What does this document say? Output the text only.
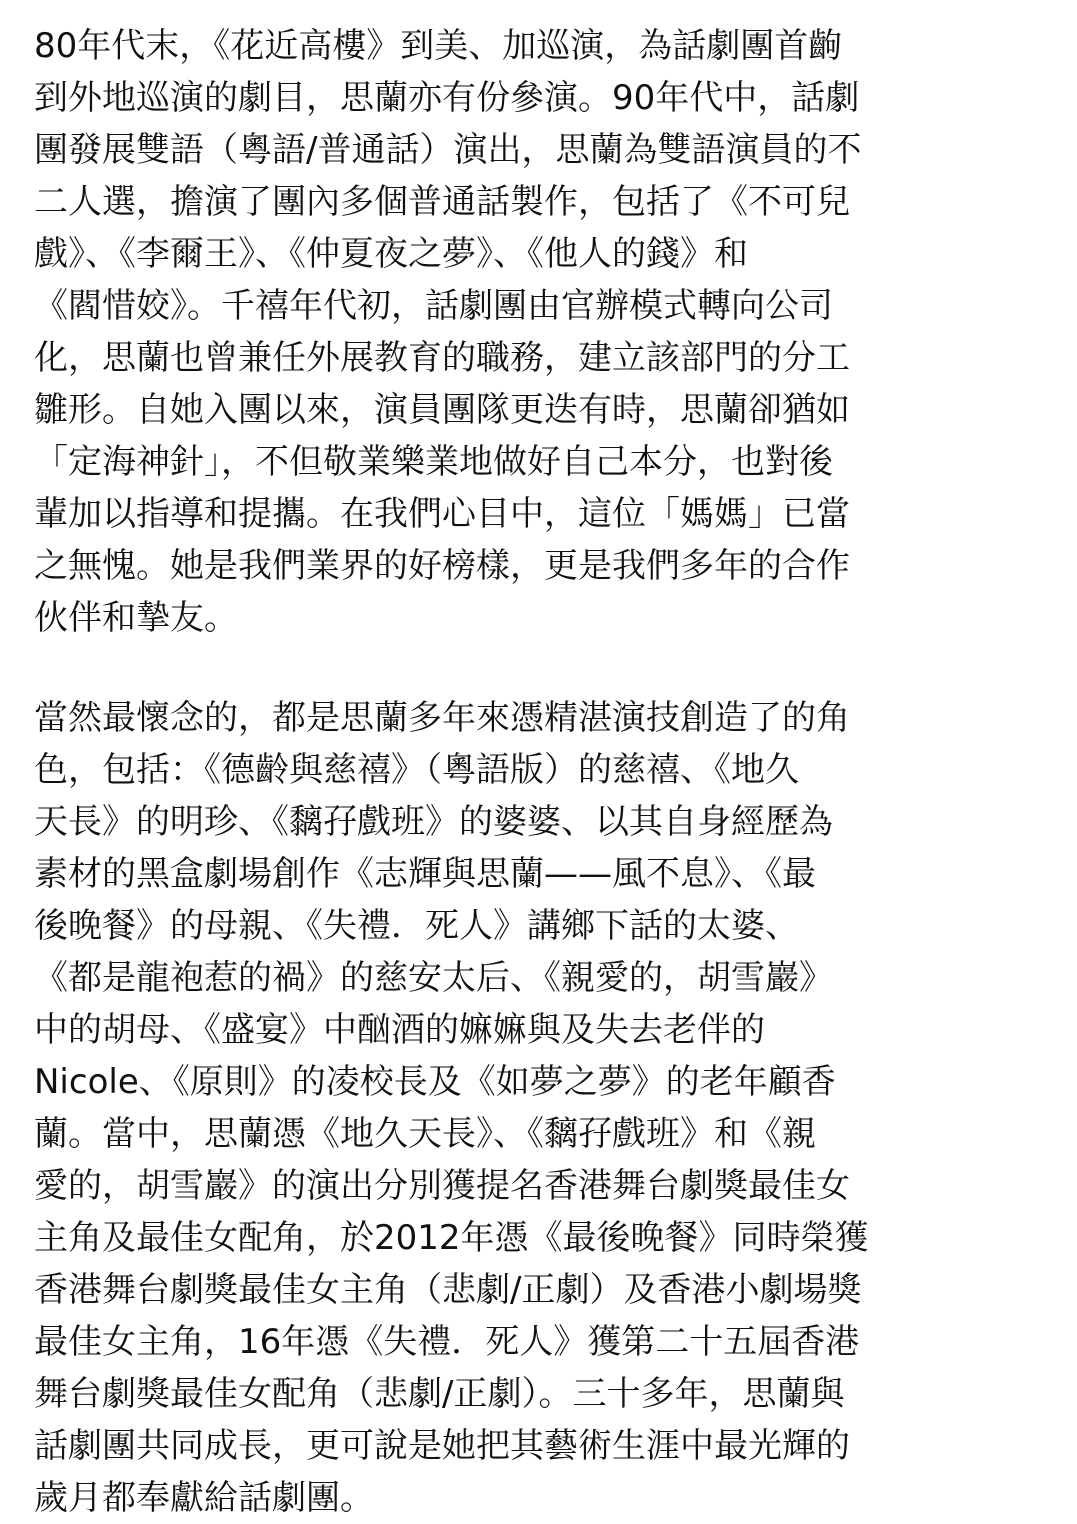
80年代末，《花近高樓》到美、加巡演，為話劇團首齣
到外地巡演的劇目，思蘭亦有份參演。90年代中，話劇
團發展雙語（粵語/普通話）演出，思蘭為雙語演員的不
二人選，擔演了團內多個普通話製作，包括了《不可兒
戲》、《李爾王》、《仲夏夜之夢》、《他人的錢》和
《閻惜姣》。千禧年代初，話劇團由官辦模式轉向公司
化，思蘭也曾兼任外展教育的職務，建立該部門的分工
雛形。自她入團以來，演員團隊更迭有時，思蘭卻猶如
「定海神針」，不但敬業樂業地做好自己本分，也對後
輩加以指導和提攜。在我們心目中，這位「媽媽」已當
之無愧。她是我們業界的好榜樣，更是我們多年的合作
伙伴和摯友。

當然最懷念的，都是思蘭多年來憑精湛演技創造了的角
色，包括：《德齡與慈禧》（粵語版）的慈禧、《地久
天長》的明珍、《黐孖戲班》的婆婆、以其自身經歷為
素材的黑盒劇場創作《志輝與思蘭——風不息》、《最
後晚餐》的母親、《失禮．死人》講鄉下話的太婆、
《都是龍袍惹的禍》的慈安太后、《親愛的，胡雪巖》
中的胡母、《盛宴》中酗酒的嫲嫲與及失去老伴的
Nicole、《原則》的凌校長及《如夢之夢》的老年顧香
蘭。當中，思蘭憑《地久天長》、《黐孖戲班》和《親
愛的，胡雪巖》的演出分別獲提名香港舞台劇獎最佳女
主角及最佳女配角，於2012年憑《最後晚餐》同時榮獲
香港舞台劇獎最佳女主角（悲劇/正劇）及香港小劇場獎
最佳女主角，16年憑《失禮．死人》獲第二十五屆香港
舞台劇獎最佳女配角（悲劇/正劇）。三十多年，思蘭與
話劇團共同成長，更可說是她把其藝術生涯中最光輝的
歲月都奉獻給話劇團。
